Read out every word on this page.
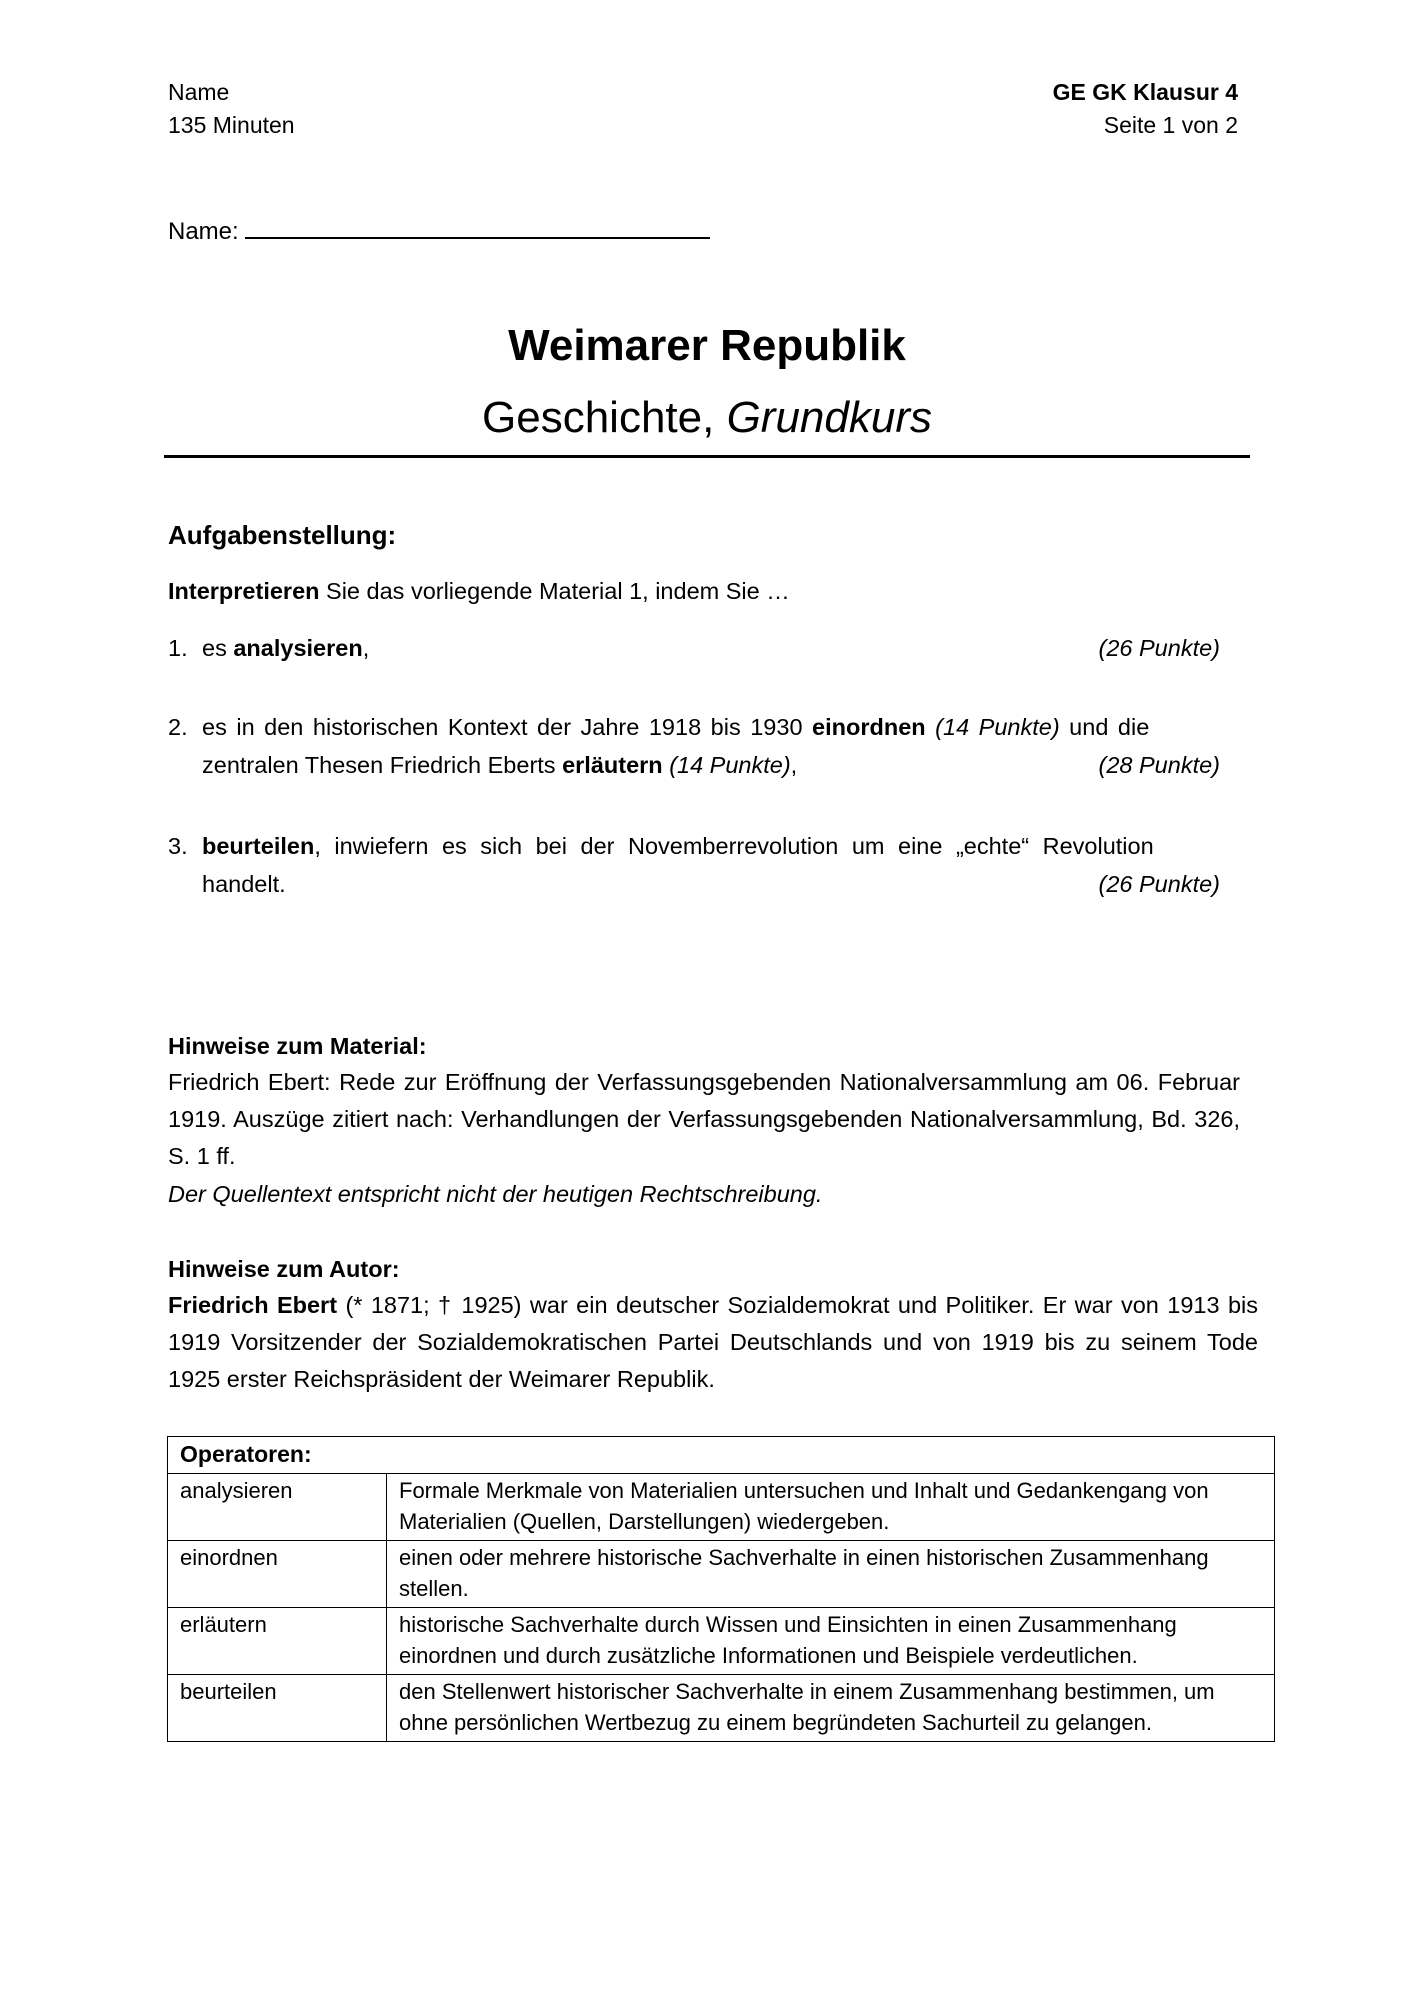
Name
135 Minuten
GE GK Klausur 4
Seite 1 von 2
Name:
Weimarer Republik
Geschichte, Grundkurs
Aufgabenstellung:
Interpretieren Sie das vorliegende Material 1, indem Sie …
1. es analysieren,	(26 Punkte)
2. es in den historischen Kontext der Jahre 1918 bis 1930 einordnen (14 Punkte) und die
zentralen Thesen Friedrich Eberts erläutern (14 Punkte),	(28 Punkte)
3. beurteilen, inwiefern es sich bei der Novemberrevolution um eine „echte“ Revolution
handelt.	(26 Punkte)
Hinweise zum Material:
Friedrich Ebert: Rede zur Eröffnung der Verfassungsgebenden Nationalversammlung am 06. Februar 1919. Auszüge zitiert nach: Verhandlungen der Verfassungsgebenden Nationalversammlung, Bd. 326, S. 1 ff.
Der Quellentext entspricht nicht der heutigen Rechtschreibung.
Hinweise zum Autor:
Friedrich Ebert (* 1871; † 1925) war ein deutscher Sozialdemokrat und Politiker. Er war von 1913 bis 1919 Vorsitzender der Sozialdemokratischen Partei Deutschlands und von 1919 bis zu seinem Tode 1925 erster Reichspräsident der Weimarer Republik.
Operatoren:	
analysieren	Formale Merkmale von Materialien untersuchen und Inhalt und Gedankengang von Materialien (Quellen, Darstellungen) wiedergeben.
einordnen	einen oder mehrere historische Sachverhalte in einen historischen Zusammenhang stellen.
erläutern	historische Sachverhalte durch Wissen und Einsichten in einen Zusammenhang einordnen und durch zusätzliche Informationen und Beispiele verdeutlichen.
beurteilen	den Stellenwert historischer Sachverhalte in einem Zusammenhang bestimmen, um ohne persönlichen Wertbezug zu einem begründeten Sachurteil zu gelangen.
